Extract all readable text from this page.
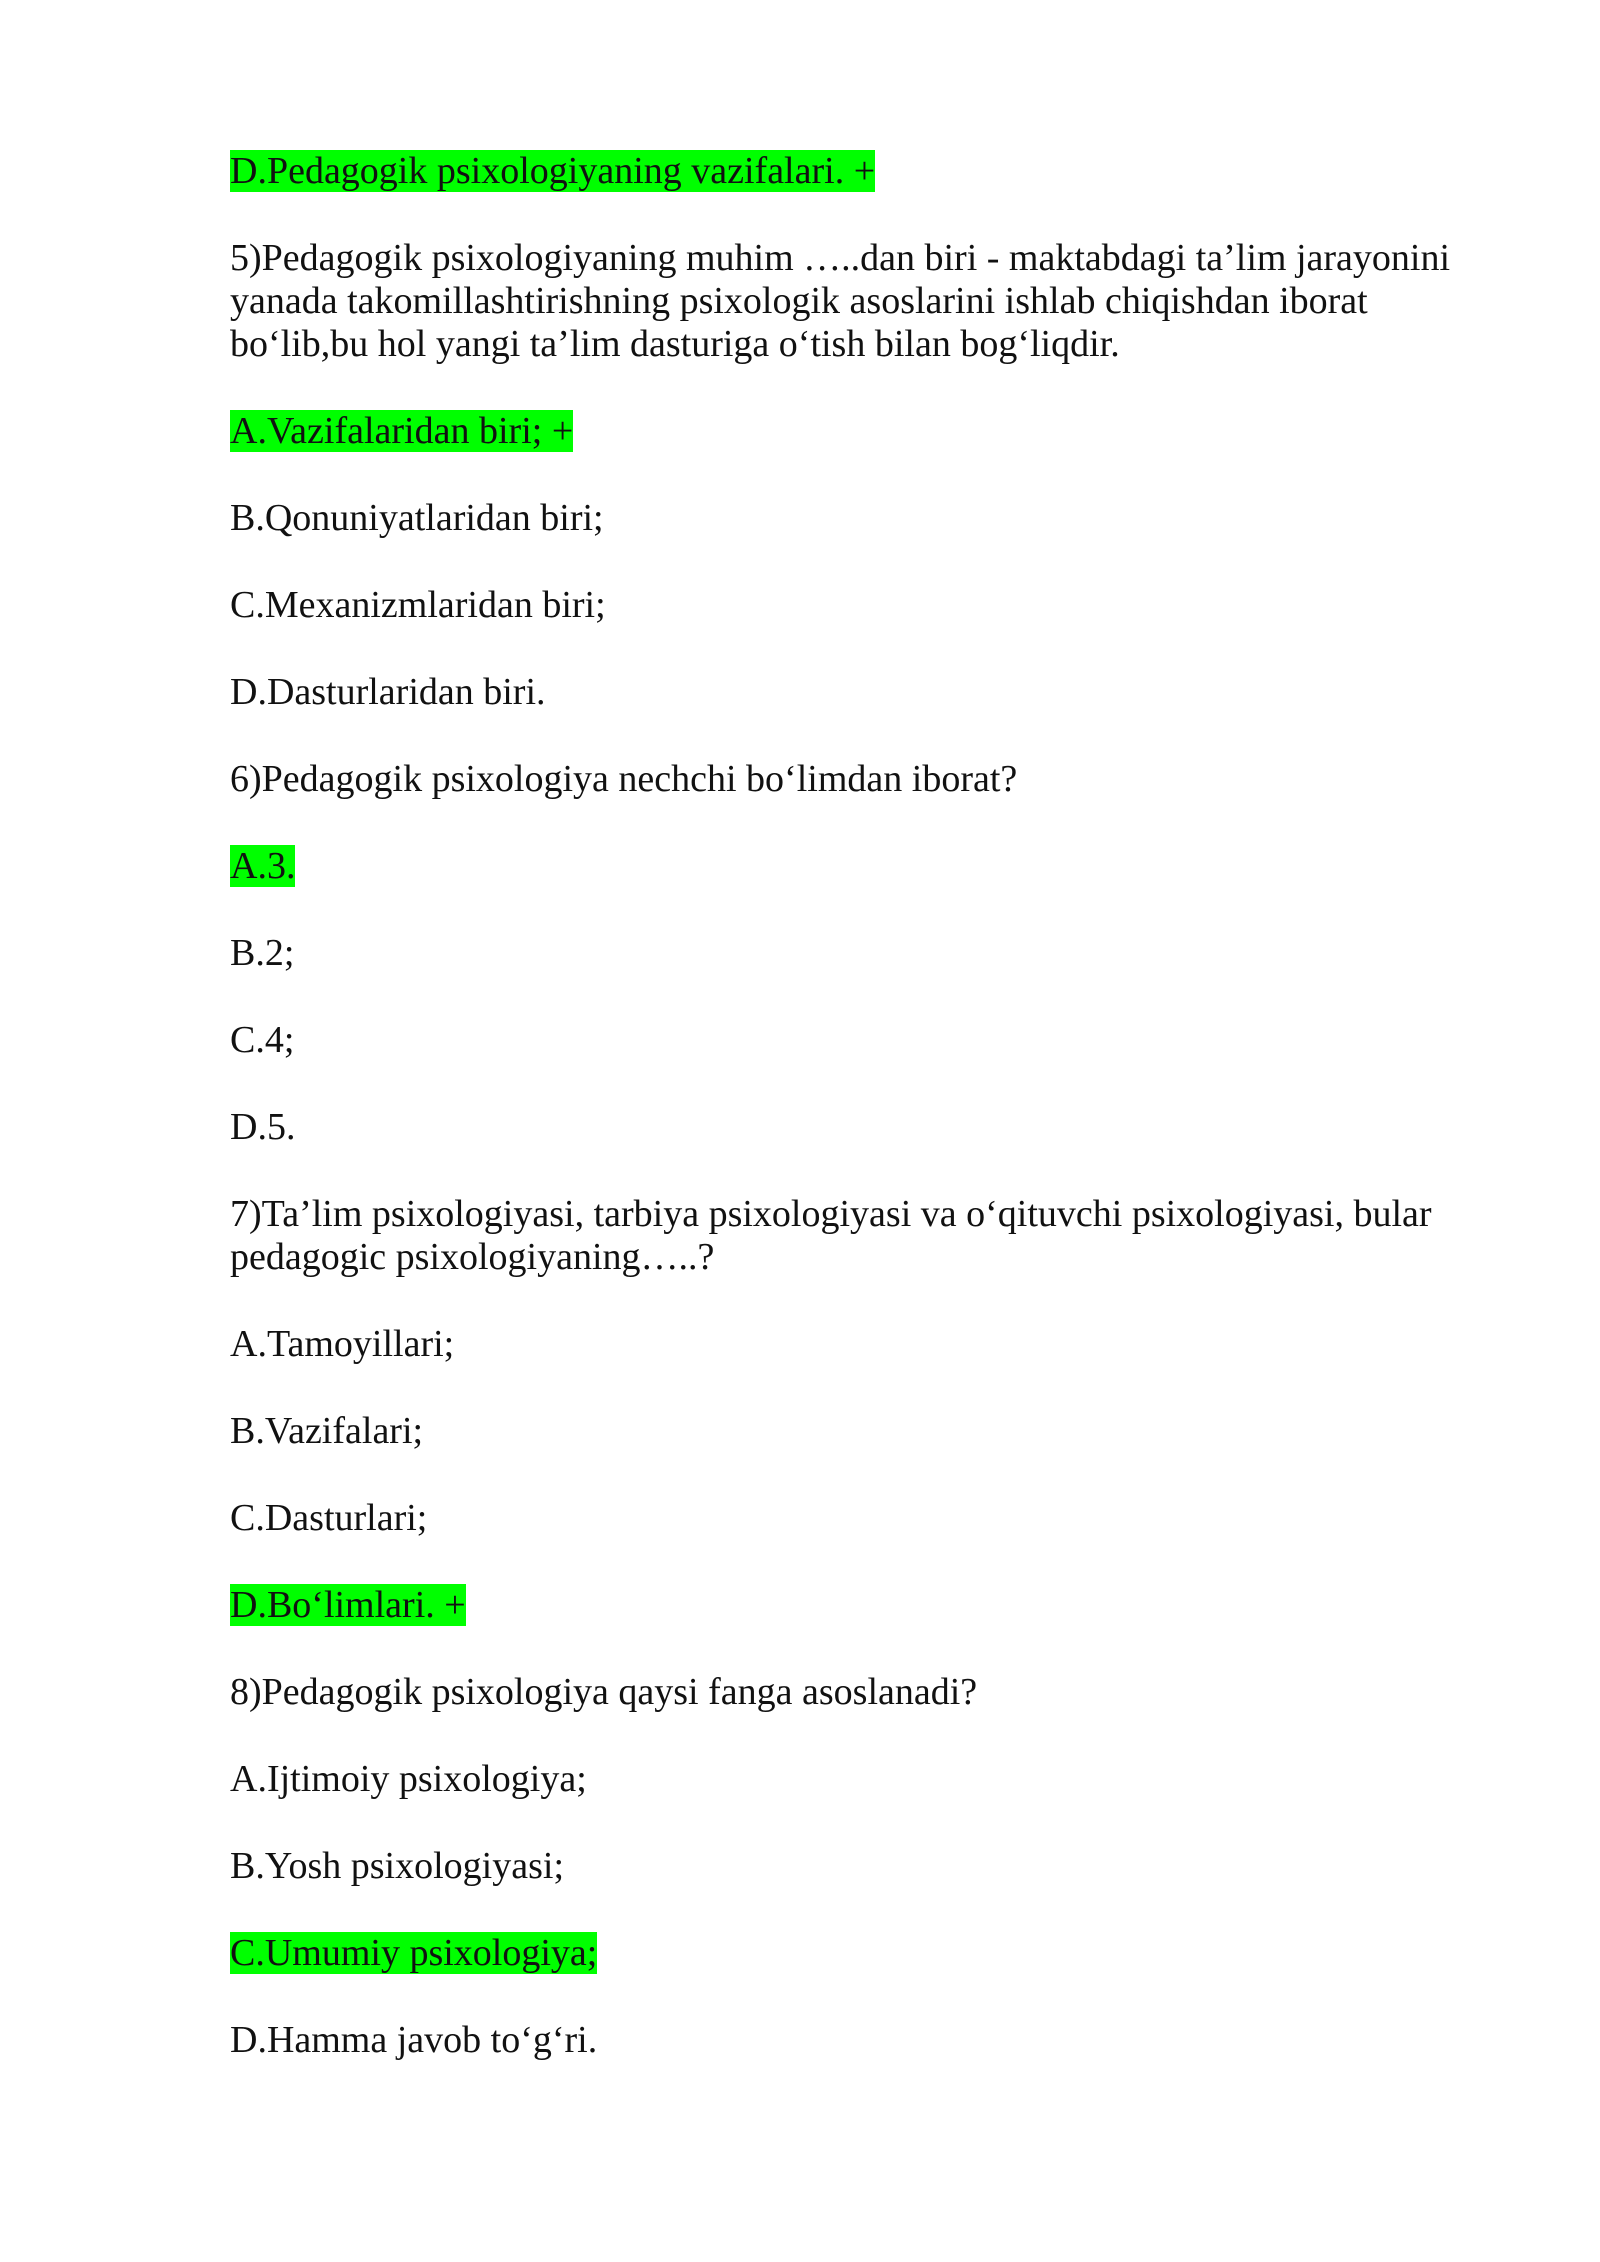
D.Pedagogik psixologiyaning vazifalari. +

5)Pedagogik psixologiyaning muhim …..dan biri - maktabdagi ta’lim jarayonini

yanada takomillashtirishning psixologik asoslarini ishlab chiqishdan iborat

bo‘lib,bu hol yangi ta’lim dasturiga o‘tish bilan bog‘liqdir.

A.Vazifalaridan biri; +

B.Qonuniyatlaridan biri;

C.Mexanizmlaridan biri;

D.Dasturlaridan biri.

6)Pedagogik psixologiya nechchi bo‘limdan iborat?

A.3.

B.2;

C.4;

D.5.

7)Ta’lim psixologiyasi, tarbiya psixologiyasi va o‘qituvchi psixologiyasi, bular

pedagogic psixologiyaning…..?

A.Tamoyillari;

B.Vazifalari;

C.Dasturlari;

D.Bo‘limlari. +

8)Pedagogik psixologiya qaysi fanga asoslanadi?

A.Ijtimoiy psixologiya;

B.Yosh psixologiyasi;

C.Umumiy psixologiya;

D.Hamma javob to‘g‘ri.
